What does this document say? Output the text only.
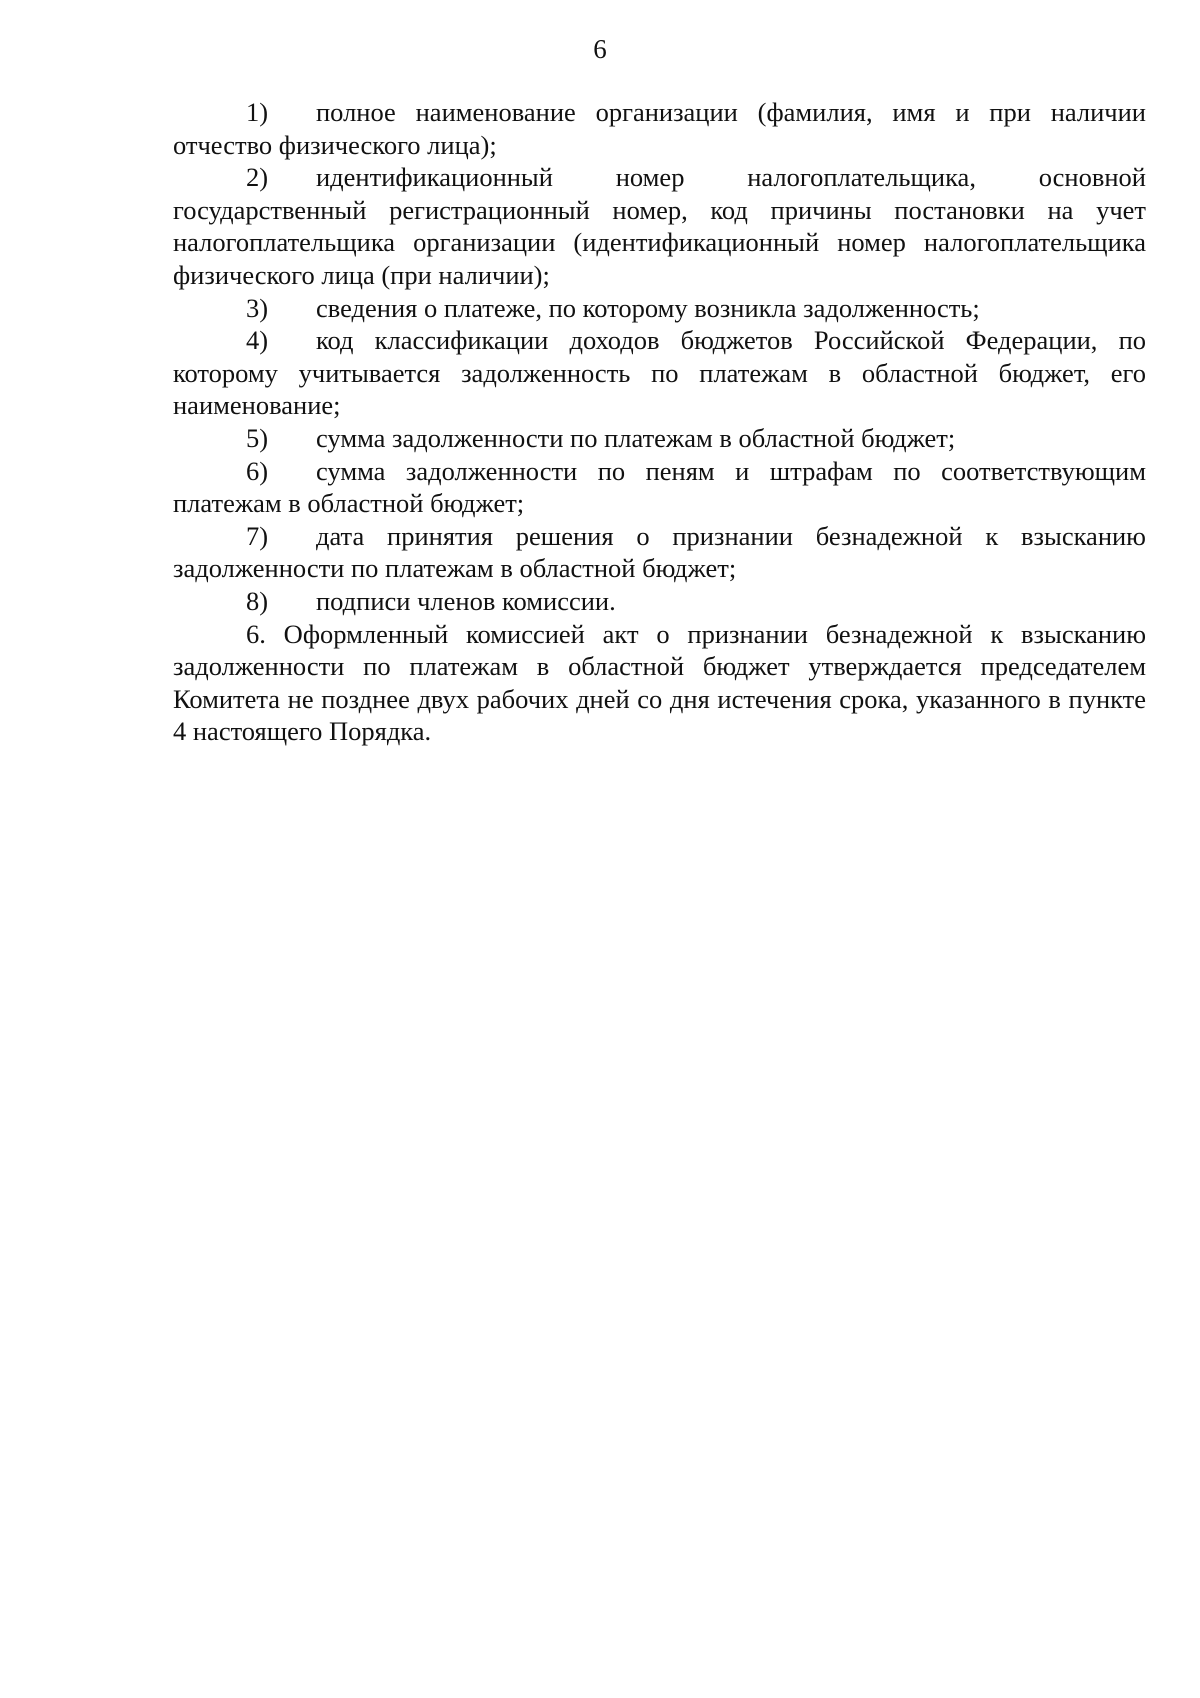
6

1) полное наименование организации (фамилия, имя и при наличии отчество физического лица);

2) идентификационный номер налогоплательщика, основной государственный регистрационный номер, код причины постановки на учет налогоплательщика организации (идентификационный номер налогоплательщика физического лица (при наличии);

3) сведения о платеже, по которому возникла задолженность;

4) код классификации доходов бюджетов Российской Федерации, по которому учитывается задолженность по платежам в областной бюджет, его наименование;

5) сумма задолженности по платежам в областной бюджет;

6) сумма задолженности по пеням и штрафам по соответствующим платежам в областной бюджет;

7) дата принятия решения о признании безнадежной к взысканию задолженности по платежам в областной бюджет;

8) подписи членов комиссии.

6. Оформленный комиссией акт о признании безнадежной к взысканию задолженности по платежам в областной бюджет утверждается председателем Комитета не позднее двух рабочих дней со дня истечения срока, указанного в пункте 4 настоящего Порядка.
